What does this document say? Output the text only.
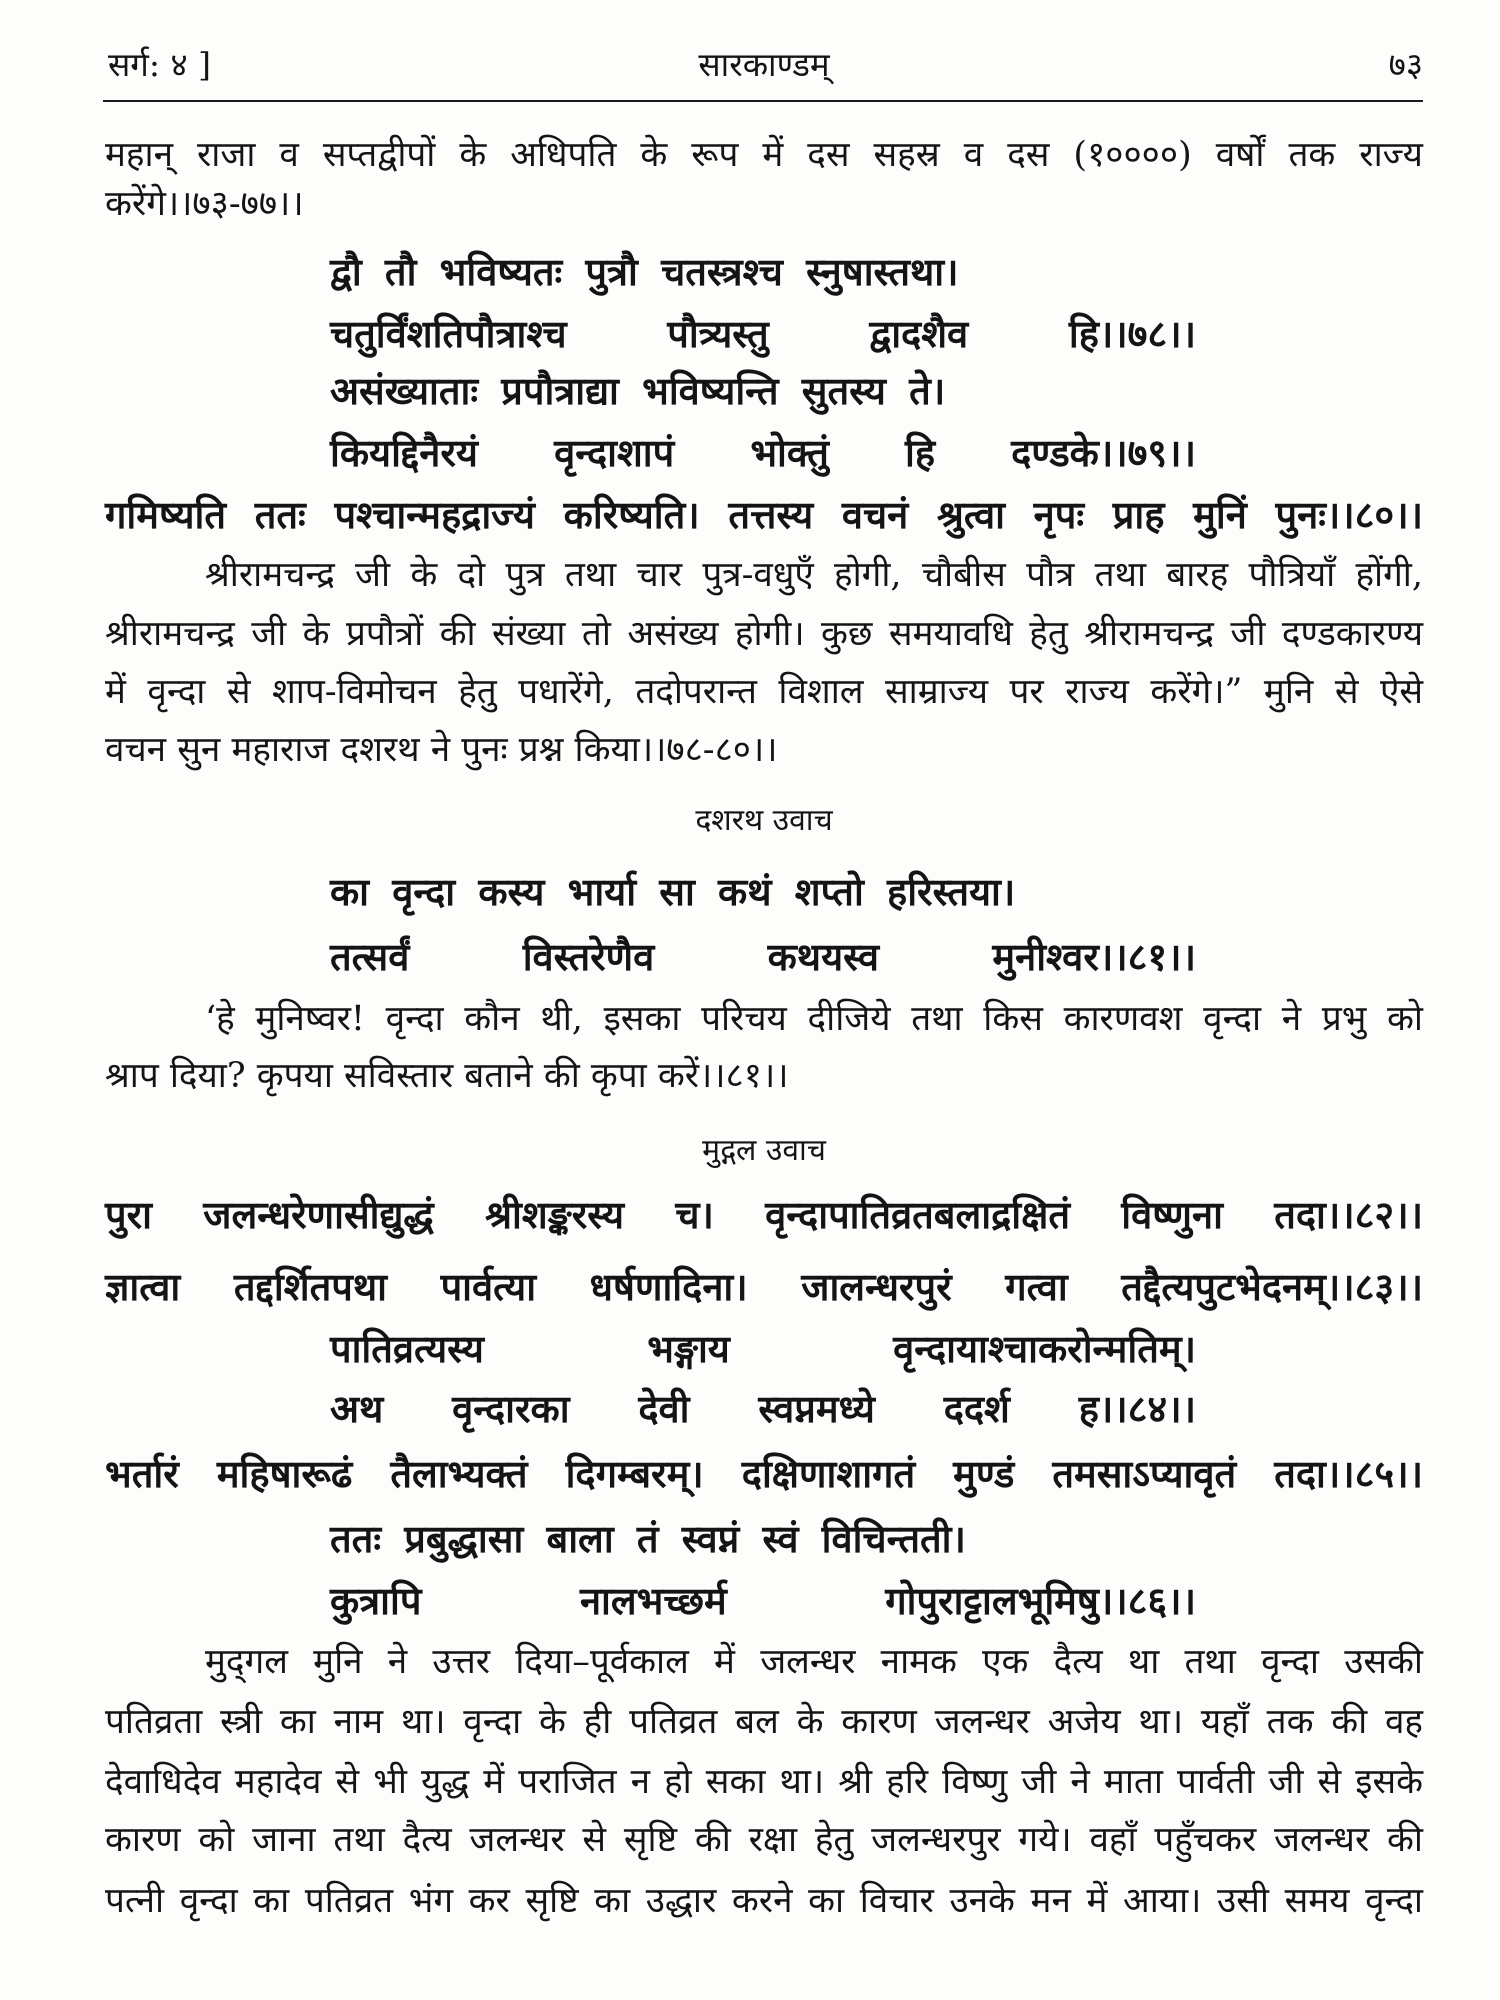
सर्ग: ४ ]	सारकाण्डम्	७३
महान् राजा व सप्तद्वीपों के अधिपति के रूप में दस सहस्र व दस (१००००) वर्षों तक राज्य
करेंगे।।७३-७७।।
द्वौ तौ भविष्यतः पुत्रौ चतस्त्रश्च स्नुषास्तथा।
चतुर्विंशतिपौत्राश्च पौत्र्यस्तु द्वादशैव हि।।७८।।
असंख्याताः प्रपौत्राद्या भविष्यन्ति सुतस्य ते।
कियद्दिनैरयं वृन्दाशापं भोक्तुं हि दण्डके।।७९।।
गमिष्यति ततः पश्चान्महद्राज्यं करिष्यति। तत्तस्य वचनं श्रुत्वा नृपः प्राह मुनिं पुनः।।८०।।
श्रीरामचन्द्र जी के दो पुत्र तथा चार पुत्र-वधुएँ होगी, चौबीस पौत्र तथा बारह पौत्रियाँ होंगी,
श्रीरामचन्द्र जी के प्रपौत्रों की संख्या तो असंख्य होगी। कुछ समयावधि हेतु श्रीरामचन्द्र जी दण्डकारण्य
में वृन्दा से शाप-विमोचन हेतु पधारेंगे, तदोपरान्त विशाल साम्राज्य पर राज्य करेंगे।” मुनि से ऐसे
वचन सुन महाराज दशरथ ने पुनः प्रश्न किया।।७८-८०।।
दशरथ उवाच
का वृन्दा कस्य भार्या सा कथं शप्तो हरिस्तया।
तत्सर्वं विस्तरेणैव कथयस्व मुनीश्वर।।८१।।
‘हे मुनिष्वर! वृन्दा कौन थी, इसका परिचय दीजिये तथा किस कारणवश वृन्दा ने प्रभु को
श्राप दिया? कृपया सविस्तार बताने की कृपा करें।।८१।।
मुद्गल उवाच
पुरा जलन्धरेणासीद्युद्धं श्रीशङ्करस्य च। वृन्दापातिव्रतबलाद्रक्षितं विष्णुना तदा।।८२।।
ज्ञात्वा तद्दर्शितपथा पार्वत्या धर्षणादिना। जालन्धरपुरं गत्वा तद्दैत्यपुटभेदनम्।।८३।।
पातिव्रत्यस्य भङ्गाय वृन्दायाश्चाकरोन्मतिम्।
अथ वृन्दारका देवी स्वप्नमध्ये ददर्श ह।।८४।।
भर्तारं महिषारूढं तैलाभ्यक्तं दिगम्बरम्। दक्षिणाशागतं मुण्डं तमसाऽप्यावृतं तदा।।८५।।
ततः प्रबुद्धासा बाला तं स्वप्नं स्वं विचिन्तती।
कुत्रापि नालभच्छर्म गोपुराट्टालभूमिषु।।८६।।
मुद्‌गल मुनि ने उत्तर दिया–पूर्वकाल में जलन्धर नामक एक दैत्य था तथा वृन्दा उसकी
पतिव्रता स्त्री का नाम था। वृन्दा के ही पतिव्रत बल के कारण जलन्धर अजेय था। यहाँ तक की वह
देवाधिदेव महादेव से भी युद्ध में पराजित न हो सका था। श्री हरि विष्णु जी ने माता पार्वती जी से इसके
कारण को जाना तथा दैत्य जलन्धर से सृष्टि की रक्षा हेतु जलन्धरपुर गये। वहाँ पहुँचकर जलन्धर की
पत्नी वृन्दा का पतिव्रत भंग कर सृष्टि का उद्धार करने का विचार उनके मन में आया। उसी समय वृन्दा
